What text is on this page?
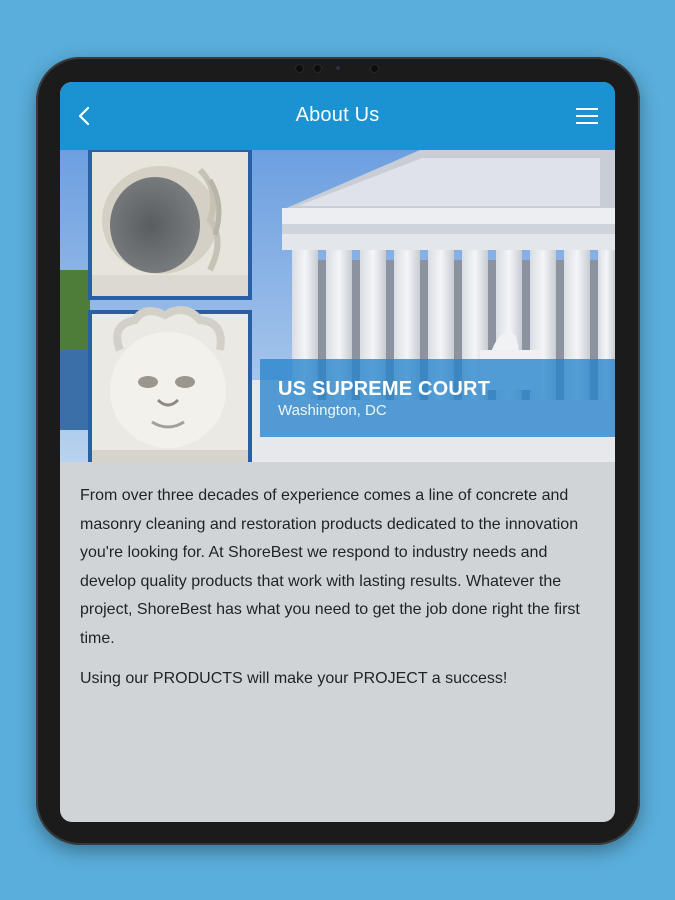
About Us
US SUPREME COURT
Washington, DC

From over three decades of experience comes a line of concrete and masonry cleaning and restoration products dedicated to the innovation you're looking for. At ShoreBest we respond to industry needs and develop quality products that work with lasting results. Whatever the project, ShoreBest has what you need to get the job done right the first time.

Using our PRODUCTS will make your PROJECT a success!
